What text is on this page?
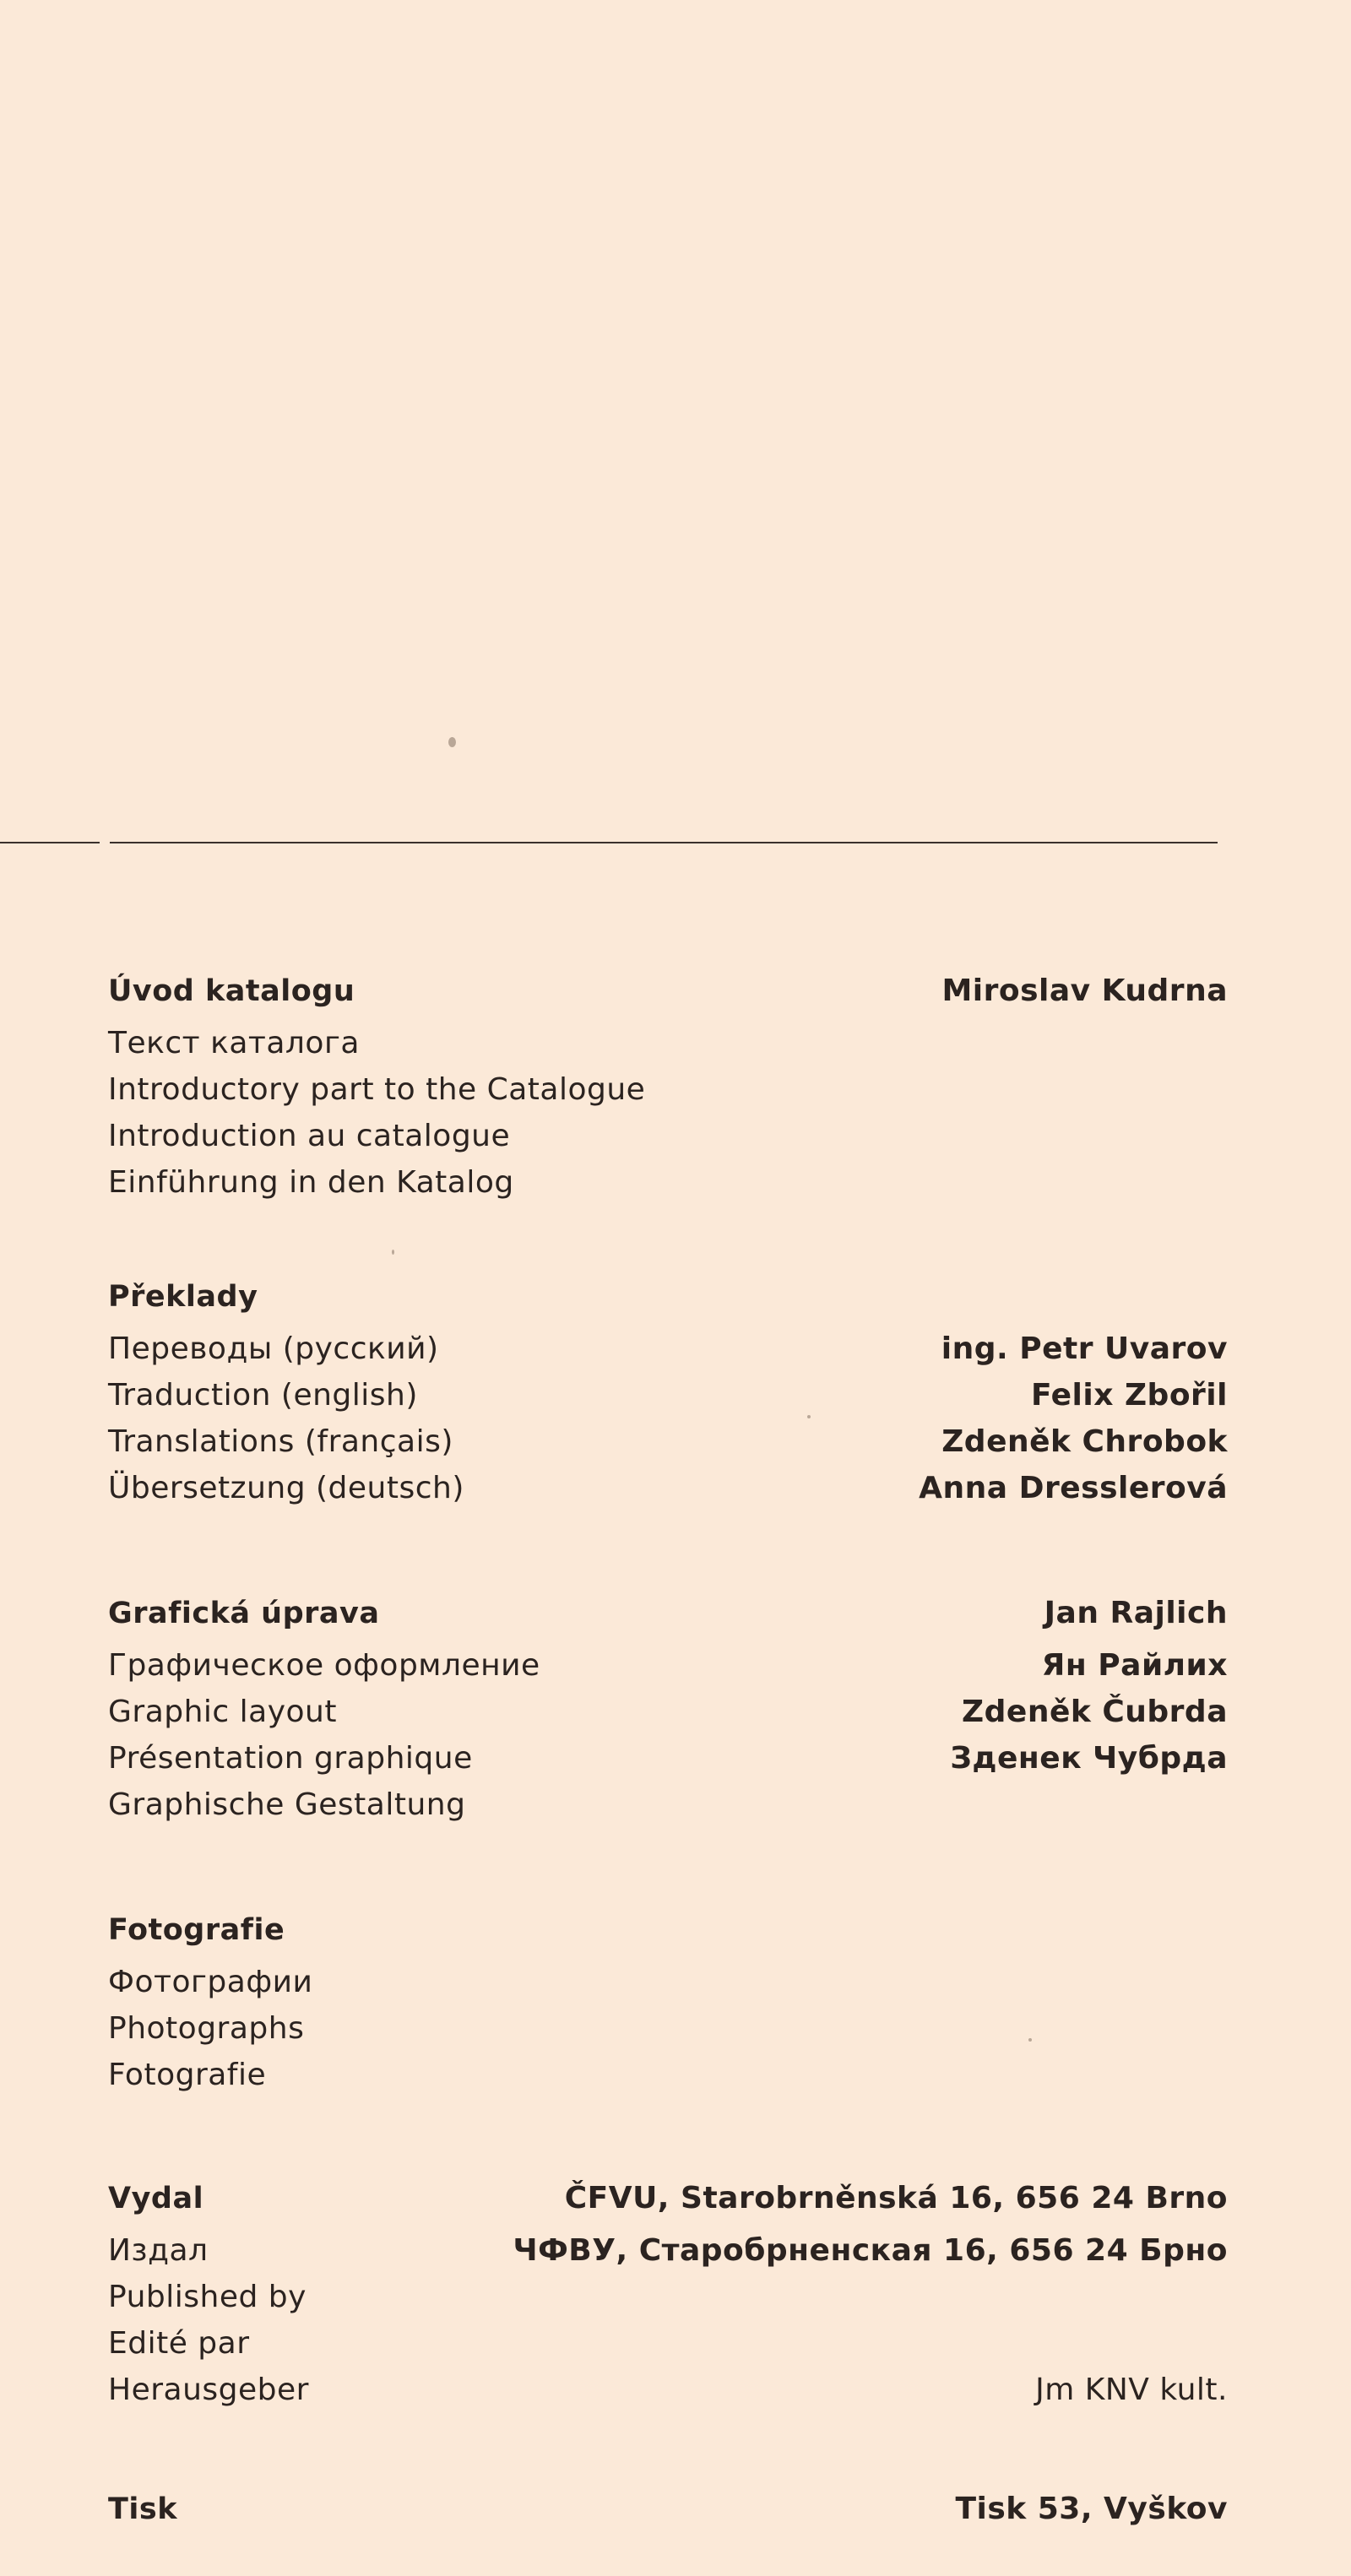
Úvod katalogu	Miroslav Kudrna
Текст каталога
Introductory part to the Catalogue
Introduction au catalogue
Einführung in den Katalog
Překlady
Переводы (русский)	ing. Petr Uvarov
Traduction (english)	Felix Zbořil
Translations (français)	Zdeněk Chrobok
Übersetzung (deutsch)	Anna Dresslerová
Grafická úprava	Jan Rajlich
Графическое оформление	Ян Райлих
Graphic layout	Zdeněk Čubrda
Présentation graphique	Зденек Чубрда
Graphische Gestaltung
Fotografie
Фотографии
Photographs
Fotografie
Vydal	ČFVU, Starobrněnská 16, 656 24 Brno
Издал	ЧФВУ, Старобрненская 16, 656 24 Брно
Published by
Edité par
Herausgeber	Jm KNV kult.
Tisk	Tisk 53, Vyškov
